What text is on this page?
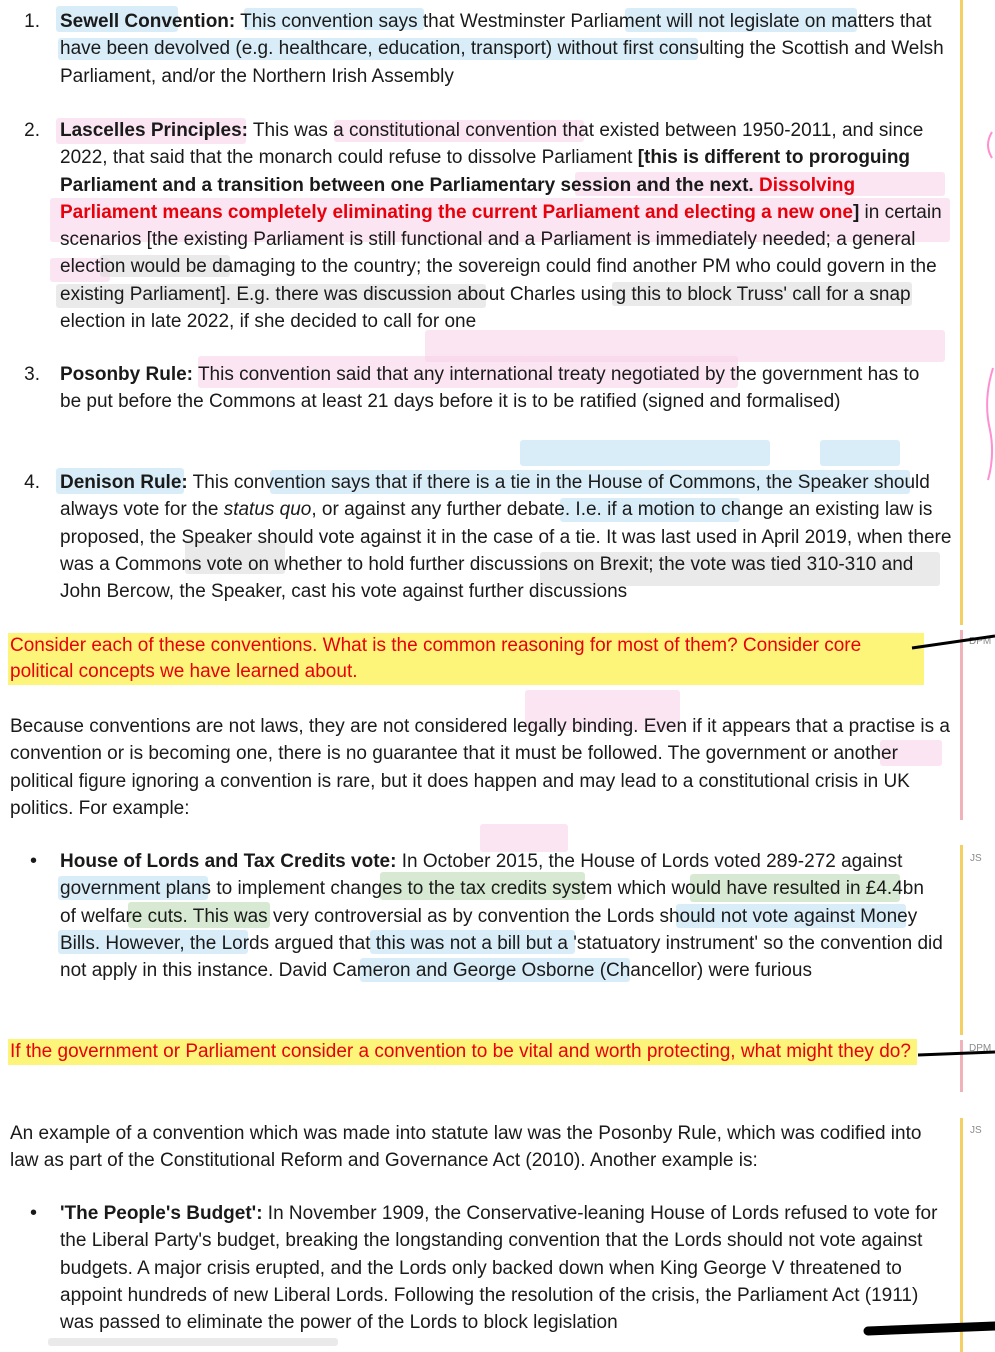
1. Sewell Convention: This convention says that Westminster Parliament will not legislate on matters that have been devolved (e.g. healthcare, education, transport) without first consulting the Scottish and Welsh Parliament, and/or the Northern Irish Assembly
2. Lascelles Principles: This was a constitutional convention that existed between 1950-2011, and since 2022, that said that the monarch could refuse to dissolve Parliament [this is different to proroguing Parliament and a transition between one Parliamentary session and the next. Dissolving Parliament means completely eliminating the current Parliament and electing a new one] in certain scenarios [the existing Parliament is still functional and a Parliament is immediately needed; a general election would be damaging to the country; the sovereign could find another PM who could govern in the existing Parliament]. E.g. there was discussion about Charles using this to block Truss' call for a snap election in late 2022, if she decided to call for one
3. Posonby Rule: This convention said that any international treaty negotiated by the government has to be put before the Commons at least 21 days before it is to be ratified (signed and formalised)
4. Denison Rule: This convention says that if there is a tie in the House of Commons, the Speaker should always vote for the status quo, or against any further debate. I.e. if a motion to change an existing law is proposed, the Speaker should vote against it in the case of a tie. It was last used in April 2019, when there was a Commons vote on whether to hold further discussions on Brexit; the vote was tied 310-310 and John Bercow, the Speaker, cast his vote against further discussions
Consider each of these conventions. What is the common reasoning for most of them? Consider core political concepts we have learned about.
Because conventions are not laws, they are not considered legally binding. Even if it appears that a practise is a convention or is becoming one, there is no guarantee that it must be followed. The government or another political figure ignoring a convention is rare, but it does happen and may lead to a constitutional crisis in UK politics. For example:
• House of Lords and Tax Credits vote: In October 2015, the House of Lords voted 289-272 against government plans to implement changes to the tax credits system which would have resulted in £4.4bn of welfare cuts. This was very controversial as by convention the Lords should not vote against Money Bills. However, the Lords argued that this was not a bill but a 'statuatory instrument' so the convention did not apply in this instance. David Cameron and George Osborne (Chancellor) were furious
If the government or Parliament consider a convention to be vital and worth protecting, what might they do?
An example of a convention which was made into statute law was the Posonby Rule, which was codified into law as part of the Constitutional Reform and Governance Act (2010). Another example is:
• 'The People's Budget': In November 1909, the Conservative-leaning House of Lords refused to vote for the Liberal Party's budget, breaking the longstanding convention that the Lords should not vote against budgets. A major crisis erupted, and the Lords only backed down when King George V threatened to appoint hundreds of new Liberal Lords. Following the resolution of the crisis, the Parliament Act (1911) was passed to eliminate the power of the Lords to block legislation
DPM
JS
DPM
JS
